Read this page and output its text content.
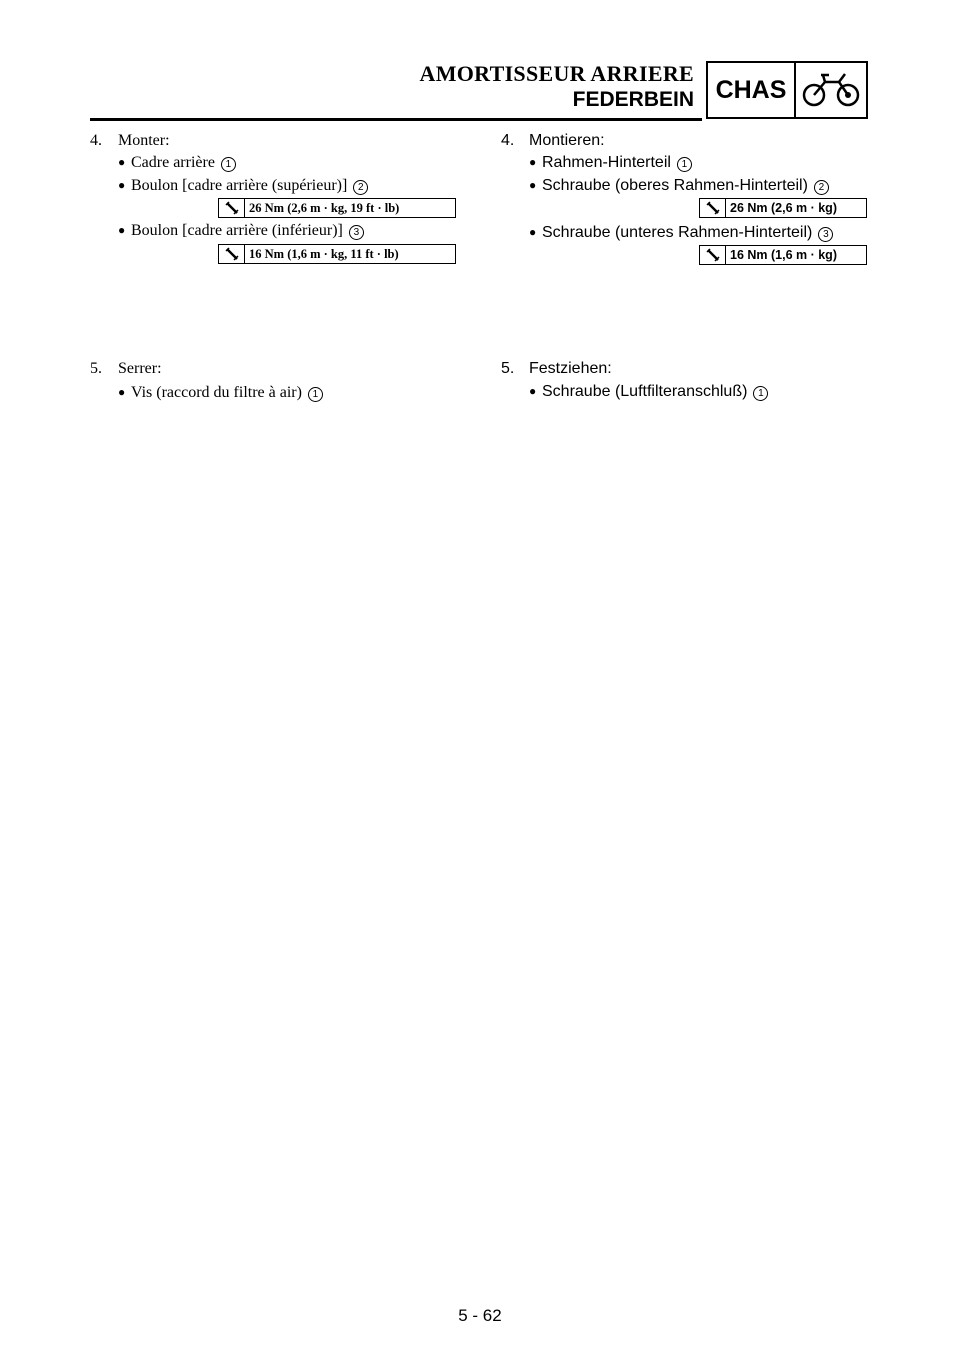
AMORTISSEUR ARRIERE
FEDERBEIN CHAS
4. Monter:
● Cadre arrière 1
● Boulon [cadre arrière (supérieur)] 2
26 Nm (2,6 m · kg, 19 ft · lb)
● Boulon [cadre arrière (inférieur)] 3
16 Nm (1,6 m · kg, 11 ft · lb)
5. Serrer:
● Vis (raccord du filtre à air) 1
4. Montieren:
● Rahmen-Hinterteil 1
● Schraube (oberes Rahmen-Hinterteil) 2
26 Nm (2,6 m · kg)
● Schraube (unteres Rahmen-Hinterteil) 3
16 Nm (1,6 m · kg)
5. Festziehen:
● Schraube (Luftfilteranschluß) 1
5 - 62
